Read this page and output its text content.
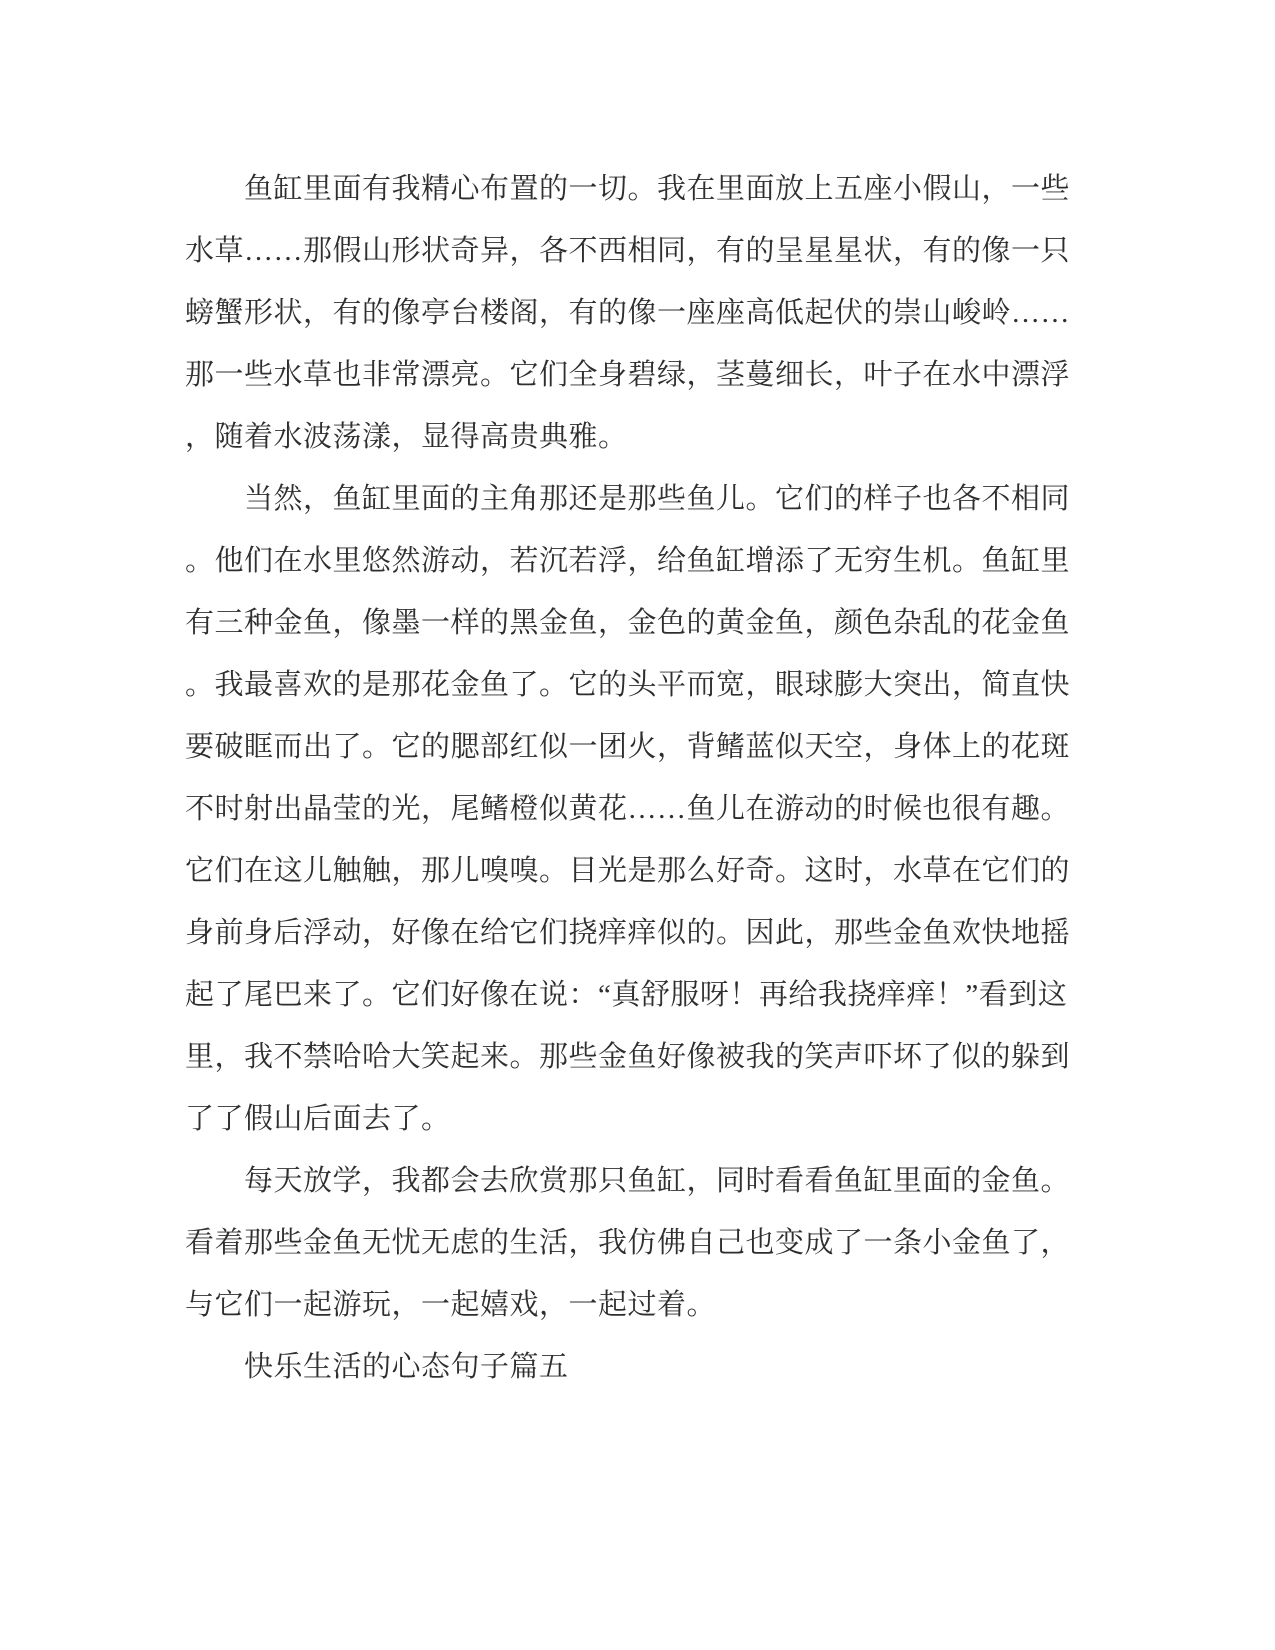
　　鱼缸里面有我精心布置的一切。我在里面放上五座小假山，一些

水草……那假山形状奇异，各不西相同，有的呈星星状，有的像一只

螃蟹形状，有的像亭台楼阁，有的像一座座高低起伏的崇山峻岭……

那一些水草也非常漂亮。它们全身碧绿，茎蔓细长，叶子在水中漂浮

，随着水波荡漾，显得高贵典雅。

　　当然，鱼缸里面的主角那还是那些鱼儿。它们的样子也各不相同

。他们在水里悠然游动，若沉若浮，给鱼缸增添了无穷生机。鱼缸里

有三种金鱼，像墨一样的黑金鱼，金色的黄金鱼，颜色杂乱的花金鱼

。我最喜欢的是那花金鱼了。它的头平而宽，眼球膨大突出，简直快

要破眶而出了。它的腮部红似一团火，背鳍蓝似天空，身体上的花斑

不时射出晶莹的光，尾鳍橙似黄花……鱼儿在游动的时候也很有趣。

它们在这儿触触，那儿嗅嗅。目光是那么好奇。这时，水草在它们的

身前身后浮动，好像在给它们挠痒痒似的。因此，那些金鱼欢快地摇

起了尾巴来了。它们好像在说：“真舒服呀！再给我挠痒痒！”看到这

里，我不禁哈哈大笑起来。那些金鱼好像被我的笑声吓坏了似的躲到

了了假山后面去了。

　　每天放学，我都会去欣赏那只鱼缸，同时看看鱼缸里面的金鱼。

看着那些金鱼无忧无虑的生活，我仿佛自己也变成了一条小金鱼了，

与它们一起游玩，一起嬉戏，一起过着。

　　快乐生活的心态句子篇五
